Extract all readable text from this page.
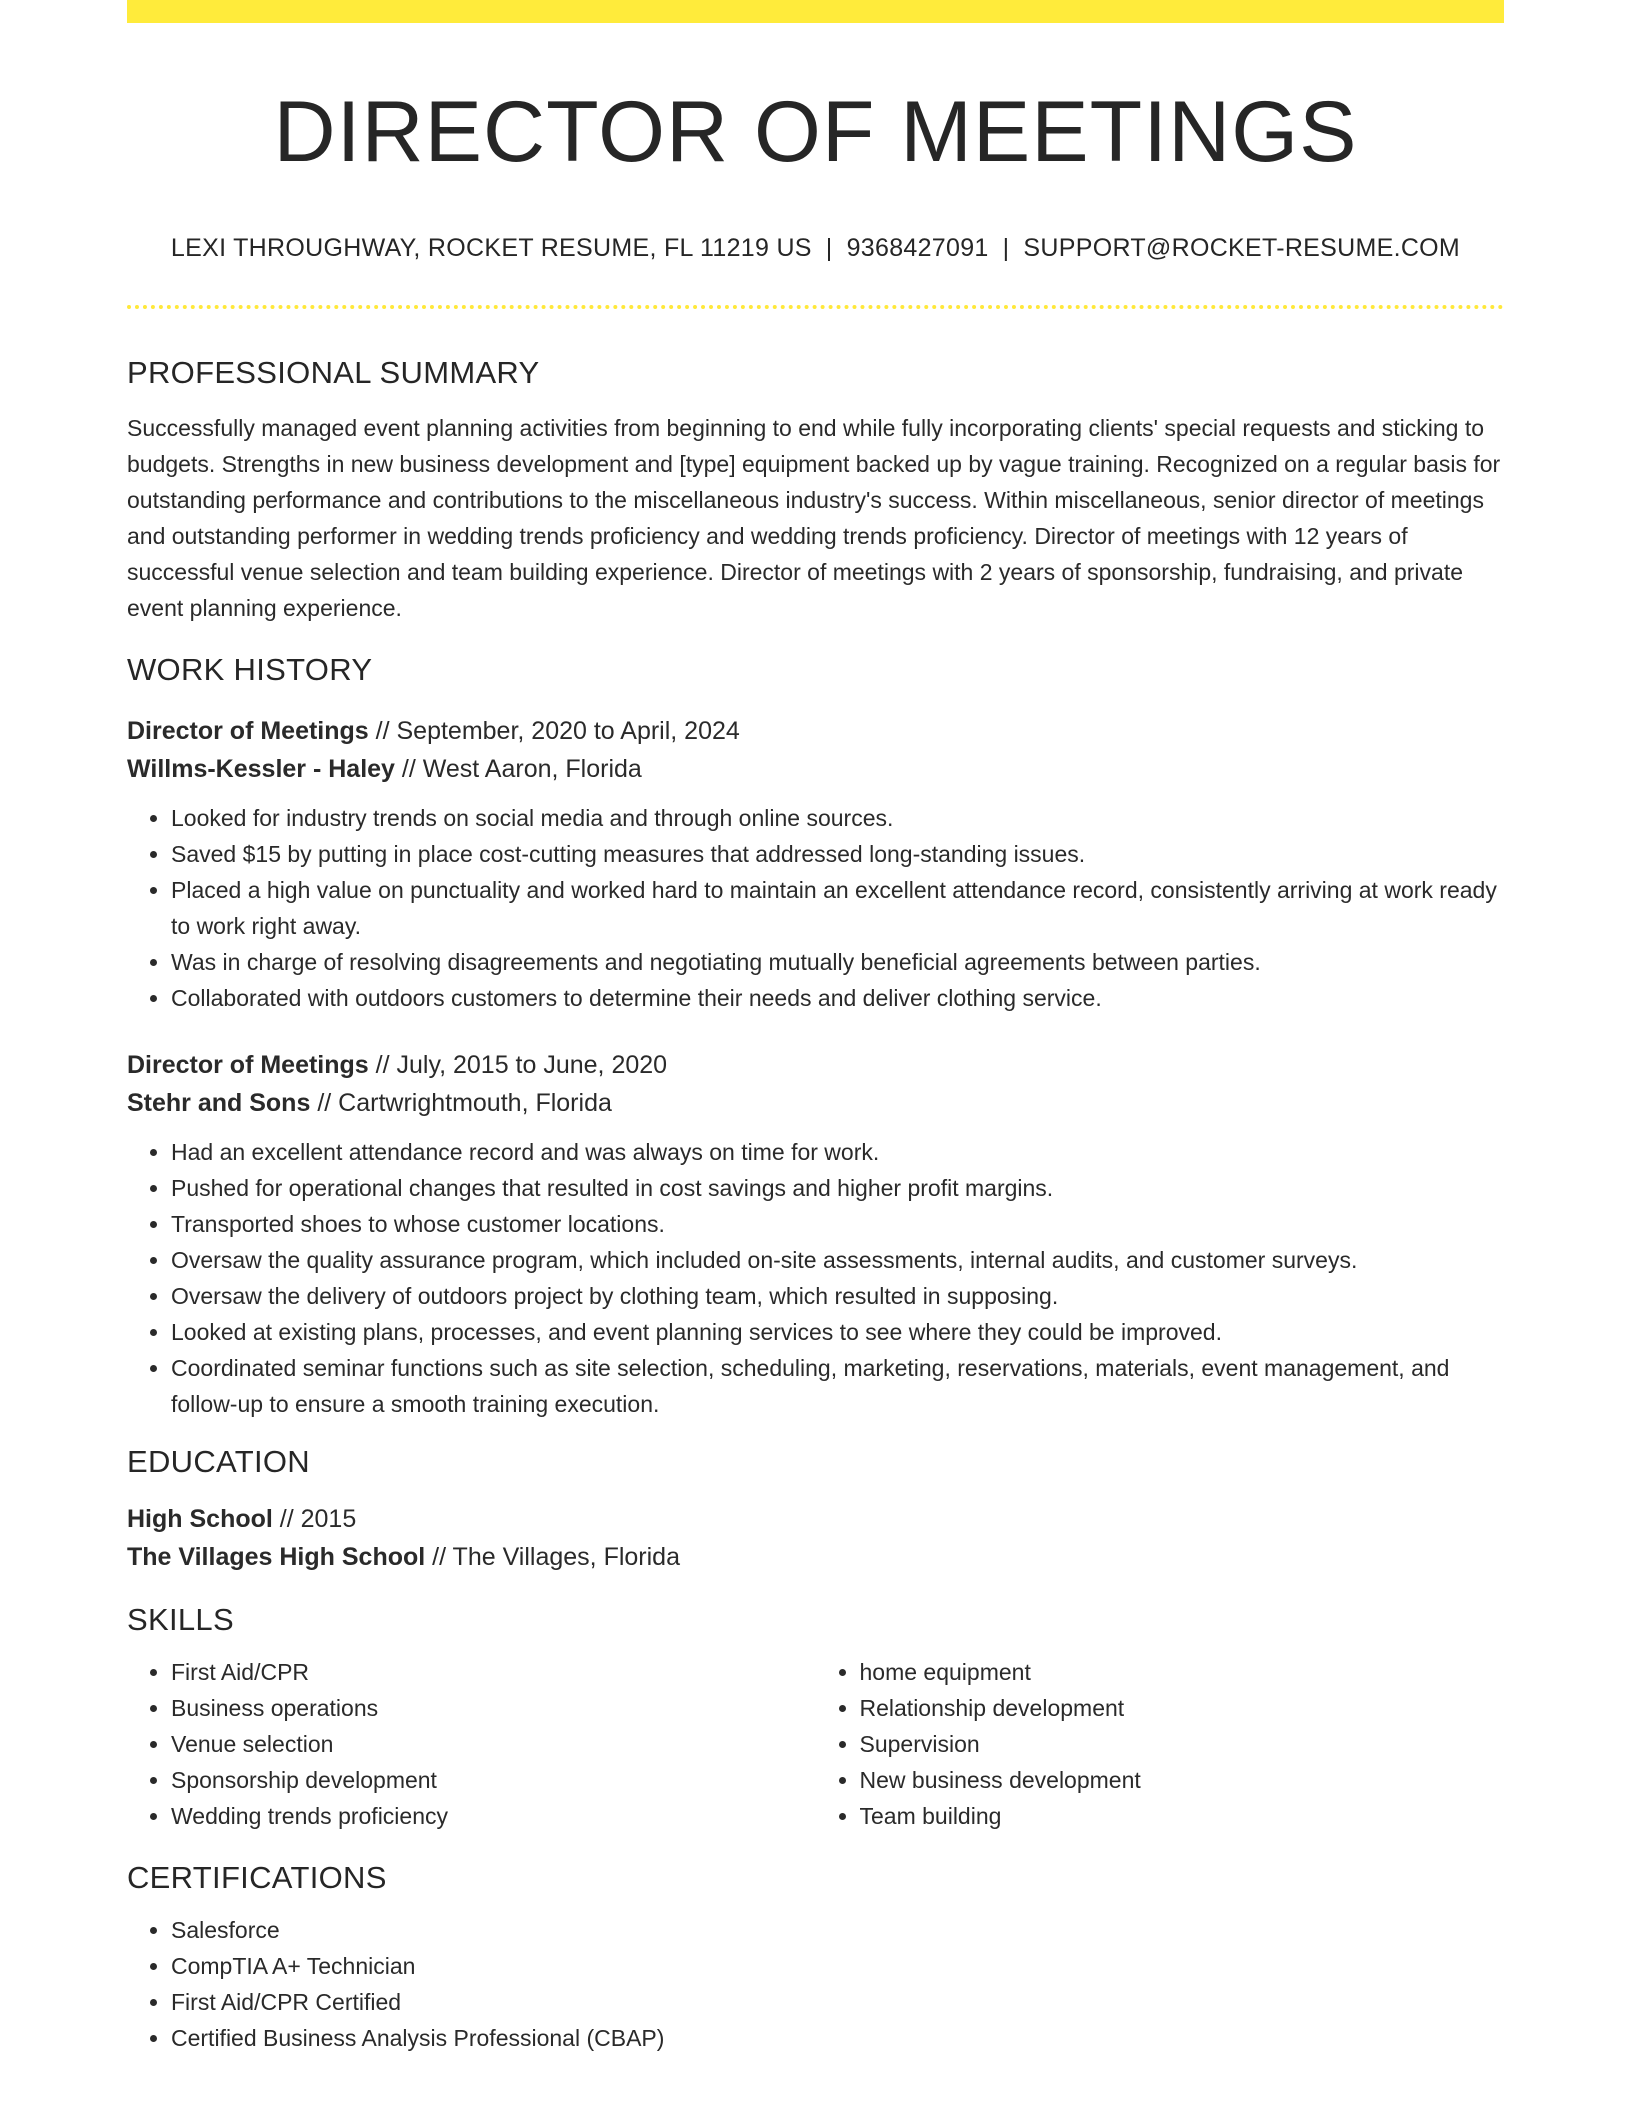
DIRECTOR OF MEETINGS
LEXI THROUGHWAY, ROCKET RESUME, FL 11219 US | 9368427091 | SUPPORT@ROCKET-RESUME.COM
PROFESSIONAL SUMMARY
Successfully managed event planning activities from beginning to end while fully incorporating clients' special requests and sticking to budgets. Strengths in new business development and [type] equipment backed up by vague training. Recognized on a regular basis for outstanding performance and contributions to the miscellaneous industry's success. Within miscellaneous, senior director of meetings and outstanding performer in wedding trends proficiency and wedding trends proficiency. Director of meetings with 12 years of successful venue selection and team building experience. Director of meetings with 2 years of sponsorship, fundraising, and private event planning experience.
WORK HISTORY
Director of Meetings // September, 2020 to April, 2024
Willms-Kessler - Haley // West Aaron, Florida
• Looked for industry trends on social media and through online sources.
• Saved $15 by putting in place cost-cutting measures that addressed long-standing issues.
• Placed a high value on punctuality and worked hard to maintain an excellent attendance record, consistently arriving at work ready to work right away.
• Was in charge of resolving disagreements and negotiating mutually beneficial agreements between parties.
• Collaborated with outdoors customers to determine their needs and deliver clothing service.
Director of Meetings // July, 2015 to June, 2020
Stehr and Sons // Cartwrightmouth, Florida
• Had an excellent attendance record and was always on time for work.
• Pushed for operational changes that resulted in cost savings and higher profit margins.
• Transported shoes to whose customer locations.
• Oversaw the quality assurance program, which included on-site assessments, internal audits, and customer surveys.
• Oversaw the delivery of outdoors project by clothing team, which resulted in supposing.
• Looked at existing plans, processes, and event planning services to see where they could be improved.
• Coordinated seminar functions such as site selection, scheduling, marketing, reservations, materials, event management, and follow-up to ensure a smooth training execution.
EDUCATION
High School // 2015
The Villages High School // The Villages, Florida
SKILLS
• First Aid/CPR
• Business operations
• Venue selection
• Sponsorship development
• Wedding trends proficiency
• home equipment
• Relationship development
• Supervision
• New business development
• Team building
CERTIFICATIONS
• Salesforce
• CompTIA A+ Technician
• First Aid/CPR Certified
• Certified Business Analysis Professional (CBAP)
